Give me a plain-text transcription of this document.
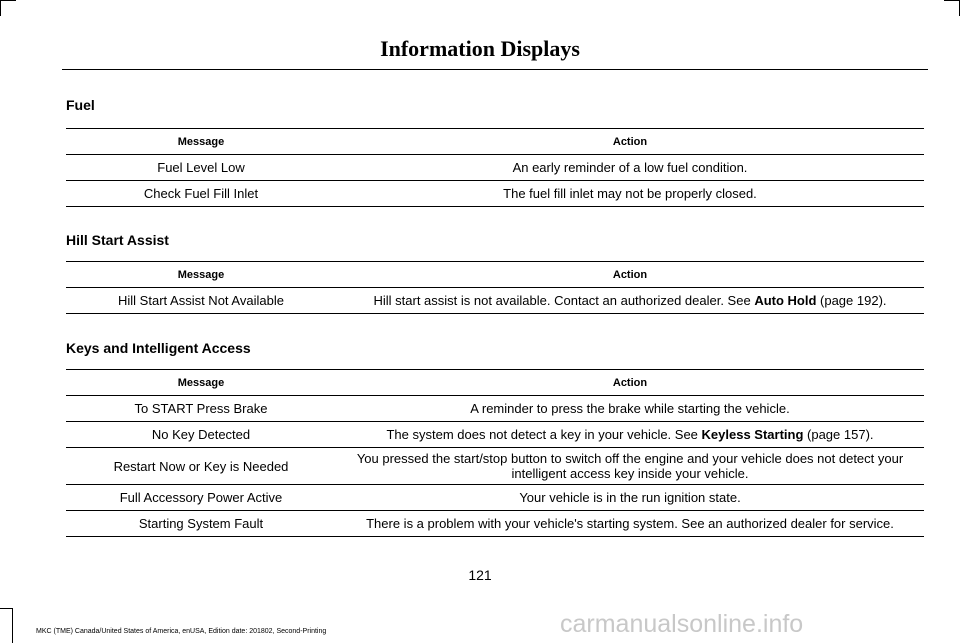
Information Displays
Fuel
Message	Action
Fuel Level Low	An early reminder of a low fuel condition.
Check Fuel Fill Inlet	The fuel fill inlet may not be properly closed.
Hill Start Assist
Message	Action
Hill Start Assist Not Available	Hill start assist is not available. Contact an authorized dealer. See Auto Hold (page 192).
Keys and Intelligent Access
Message	Action
To START Press Brake	A reminder to press the brake while starting the vehicle.
No Key Detected	The system does not detect a key in your vehicle. See Keyless Starting (page 157).
Restart Now or Key is Needed	You pressed the start/stop button to switch off the engine and your vehicle does not detect your intelligent access key inside your vehicle.
Full Accessory Power Active	Your vehicle is in the run ignition state.
Starting System Fault	There is a problem with your vehicle's starting system. See an authorized dealer for service.
121
MKC (TME) Canada/United States of America, enUSA, Edition date: 201802, Second-Printing	carmanualsonline.info
